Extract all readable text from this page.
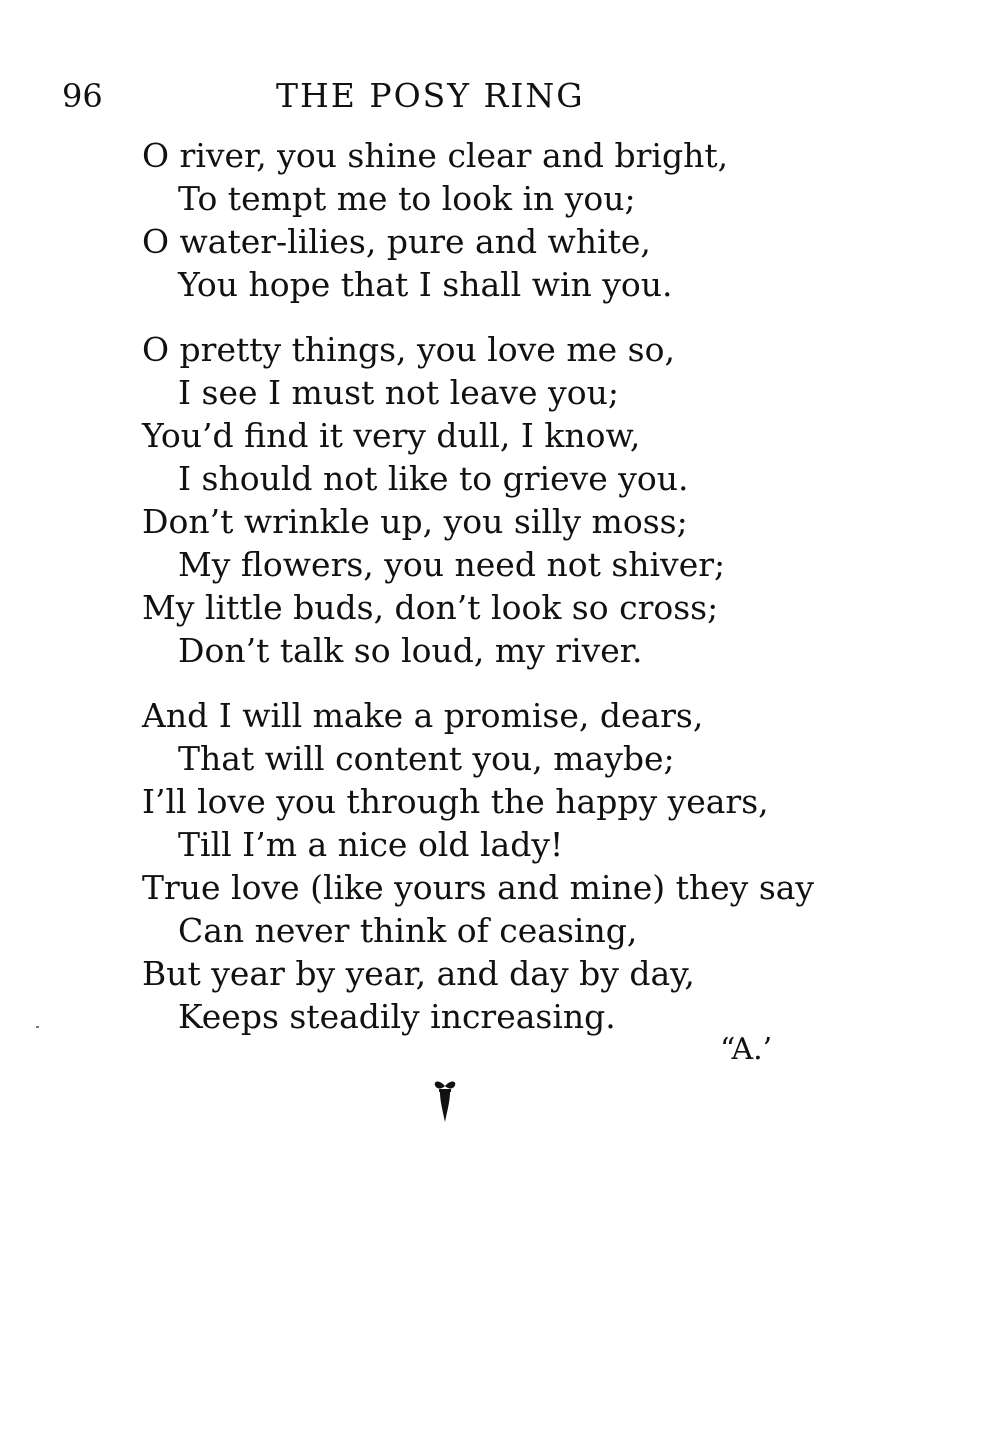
96	THE POSY RING
O river, you shine clear and bright,
To tempt me to look in you;
O water-lilies, pure and white,
You hope that I shall win you.
O pretty things, you love me so,
I see I must not leave you;
You’d find it very dull, I know,
I should not like to grieve you.
Don’t wrinkle up, you silly moss;
My flowers, you need not shiver;
My little buds, don’t look so cross;
Don’t talk so loud, my river.
And I will make a promise, dears,
That will content you, maybe;
I’ll love you through the happy years,
Till I’m a nice old lady!
True love (like yours and mine) they say
Can never think of ceasing,
But year by year, and day by day,
Keeps steadily increasing.
“A.’
